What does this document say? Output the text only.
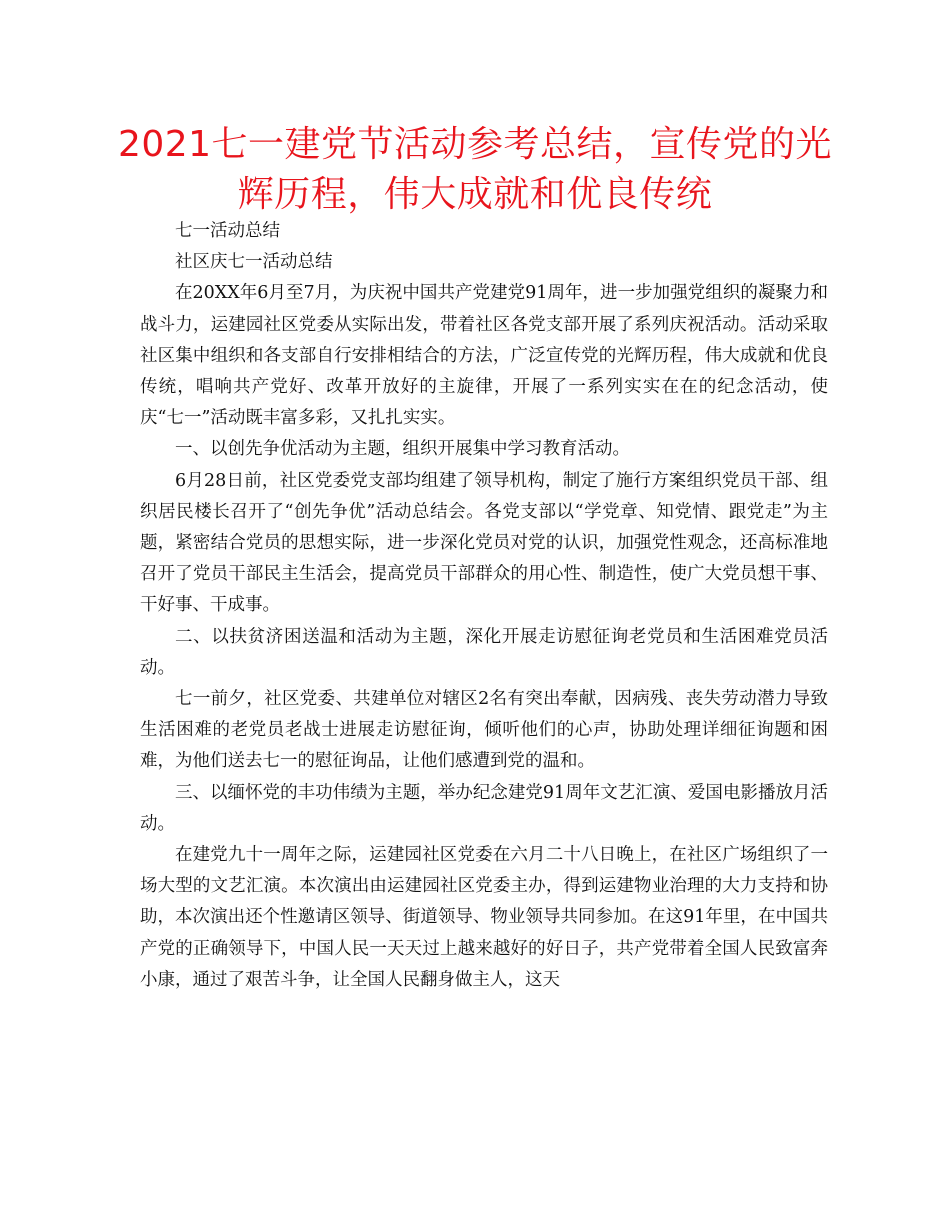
2021七一建党节活动参考总结，宣传党的光辉历程，伟大成就和优良传统

七一活动总结

社区庆七一活动总结

在20XX年6月至7月，为庆祝中国共产党建党91周年，进一步加强党组织的凝聚力和战斗力，运建园社区党委从实际出发，带着社区各党支部开展了系列庆祝活动。活动采取社区集中组织和各支部自行安排相结合的方法，广泛宣传党的光辉历程，伟大成就和优良传统，唱响共产党好、改革开放好的主旋律，开展了一系列实实在在的纪念活动，使庆“七一”活动既丰富多彩，又扎扎实实。

一、以创先争优活动为主题，组织开展集中学习教育活动。

6月28日前，社区党委党支部均组建了领导机构，制定了施行方案组织党员干部、组织居民楼长召开了“创先争优”活动总结会。各党支部以“学党章、知党情、跟党走”为主题，紧密结合党员的思想实际，进一步深化党员对党的认识，加强党性观念，还高标准地召开了党员干部民主生活会，提高党员干部群众的用心性、制造性，使广大党员想干事、干好事、干成事。

二、以扶贫济困送温和活动为主题，深化开展走访慰征询老党员和生活困难党员活动。

七一前夕，社区党委、共建单位对辖区2名有突出奉献，因病残、丧失劳动潜力导致生活困难的老党员老战士进展走访慰征询，倾听他们的心声，协助处理详细征询题和困难，为他们送去七一的慰征询品，让他们感遭到党的温和。

三、以缅怀党的丰功伟绩为主题，举办纪念建党91周年文艺汇演、爱国电影播放月活动。

在建党九十一周年之际，运建园社区党委在六月二十八日晚上，在社区广场组织了一场大型的文艺汇演。本次演出由运建园社区党委主办，得到运建物业治理的大力支持和协助，本次演出还个性邀请区领导、街道领导、物业领导共同参加。在这91年里，在中国共产党的正确领导下，中国人民一天天过上越来越好的好日子，共产党带着全国人民致富奔小康，通过了艰苦斗争，让全国人民翻身做主人，这天
